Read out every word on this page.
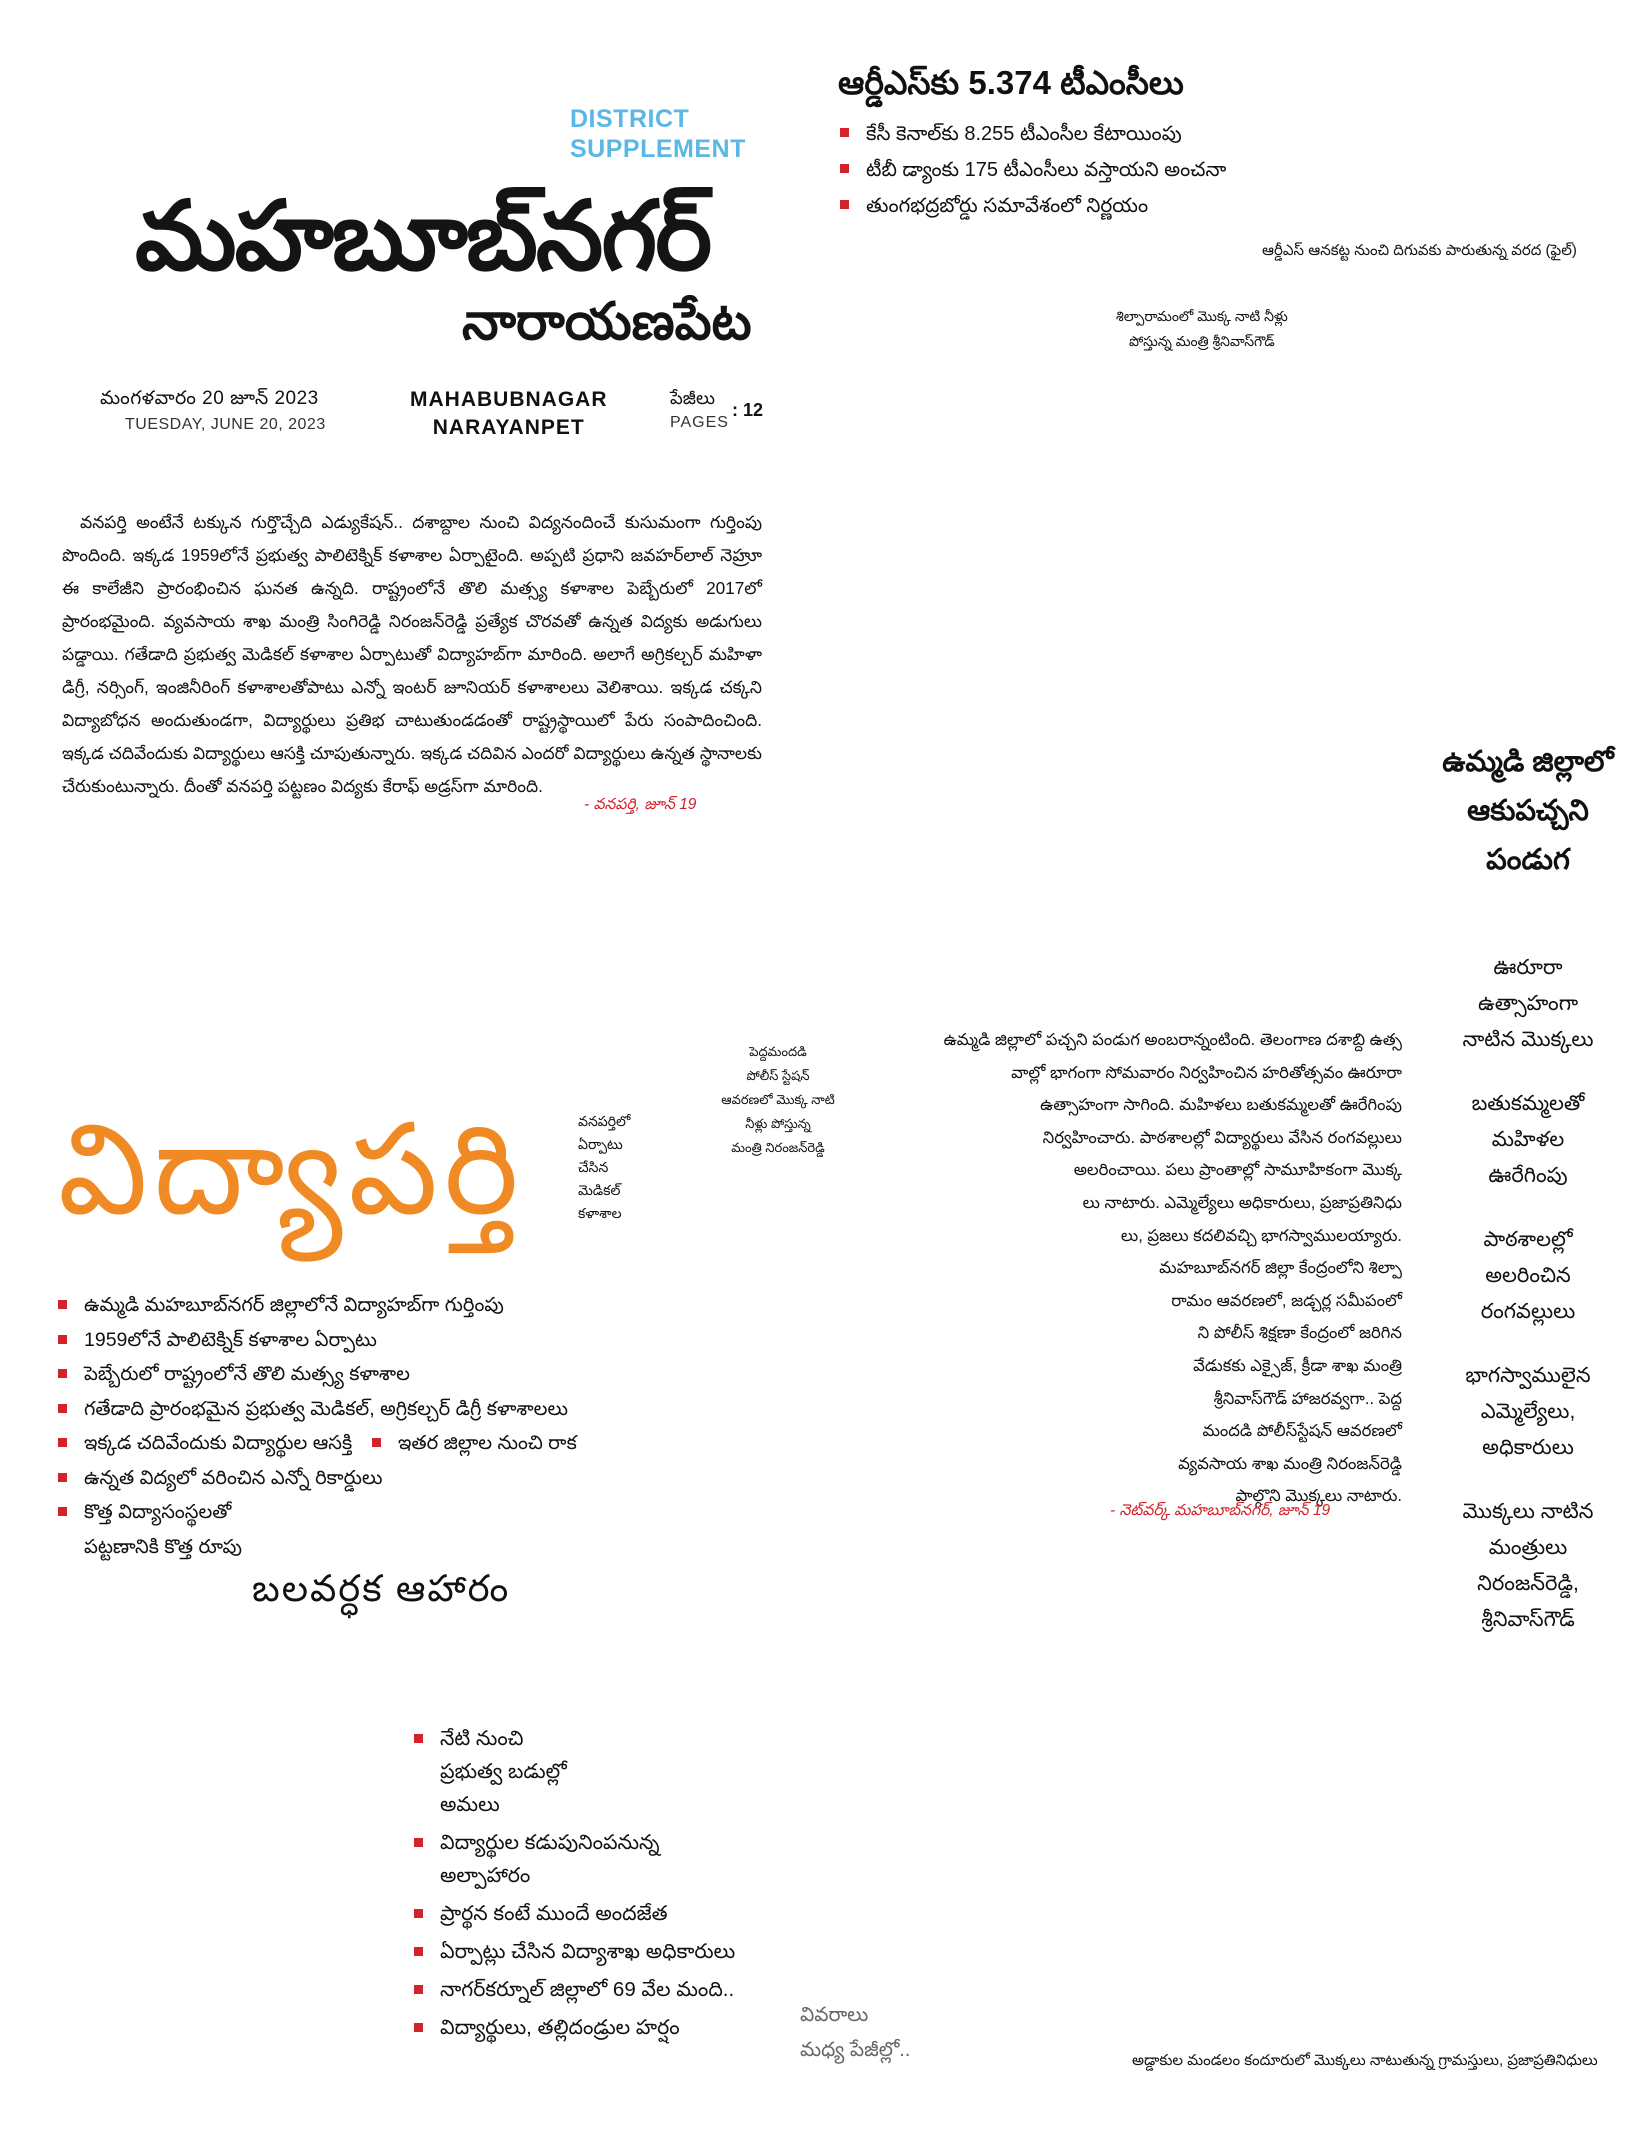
DISTRICT
SUPPLEMENT
మహబూబ్‌నగర్
నారాయణపేట
మంగళవారం 20 జూన్ 2023
TUESDAY, JUNE 20, 2023
MAHABUBNAGAR
NARAYANPET
పేజీలు
PAGES
: 12
ఆర్డీఎస్‌కు 5.374 టీఎంసీలు
కేసీ కెనాల్‌కు 8.255 టీఎంసీల కేటాయింపు
టీబీ డ్యాంకు 175 టీఎంసీలు వస్తాయని అంచనా
తుంగభద్రబోర్డు సమావేశంలో నిర్ణయం
ఆర్డీఎస్ ఆనకట్ట నుంచి దిగువకు పారుతున్న వరద (ఫైల్)
శిల్పారామంలో మొక్క నాటి నీళ్లు
పోస్తున్న మంత్రి శ్రీనివాస్‌గౌడ్
వనపర్తి అంటేనే టక్కున గుర్తొచ్చేది ఎడ్యుకేషన్.. దశాబ్దాల నుంచి విద్యనందించే కుసుమంగా గుర్తింపు పొందింది. ఇక్కడ 1959లోనే ప్రభుత్వ పాలిటెక్నిక్ కళాశాల ఏర్పాటైంది. అప్పటి ప్రధాని జవహర్‌లాల్ నెహ్రూ ఈ కాలేజీని ప్రారంభించిన ఘనత ఉన్నది. రాష్ట్రంలోనే తొలి మత్స్య కళాశాల పెబ్బేరులో 2017లో ప్రారంభమైంది. వ్యవసాయ శాఖ మంత్రి సింగిరెడ్డి నిరంజన్‌రెడ్డి ప్రత్యేక చొరవతో ఉన్నత విద్యకు అడుగులు పడ్డాయి. గతేడాది ప్రభుత్వ మెడికల్ కళాశాల ఏర్పాటుతో విద్యాహబ్‌గా మారింది. అలాగే అగ్రికల్చర్ మహిళా డిగ్రీ, నర్సింగ్, ఇంజినీరింగ్ కళాశాలతోపాటు ఎన్నో ఇంటర్ జూనియర్ కళాశాలలు వెలిశాయి. ఇక్కడ చక్కని విద్యాబోధన అందుతుండగా, విద్యార్థులు ప్రతిభ చాటుతుండడంతో రాష్ట్రస్థాయిలో పేరు సంపాదించింది. ఇక్కడ చదివేందుకు విద్యార్థులు ఆసక్తి చూపుతున్నారు. ఇక్కడ చదివిన ఎందరో విద్యార్థులు ఉన్నత స్థానాలకు చేరుకుంటున్నారు. దీంతో వనపర్తి పట్టణం విద్యకు కేరాఫ్ అడ్రస్‌గా మారింది.
- వనపర్తి, జూన్ 19
విద్యాపర్తి	వనపర్తిలో
ఏర్పాటు
చేసిన
మెడికల్
కళాశాల
ఉమ్మడి మహబూబ్‌నగర్ జిల్లాలోనే విద్యాహబ్‌గా గుర్తింపు
1959లోనే పాలిటెక్నిక్ కళాశాల ఏర్పాటు
పెబ్బేరులో రాష్ట్రంలోనే తొలి మత్స్య కళాశాల
గతేడాది ప్రారంభమైన ప్రభుత్వ మెడికల్, అగ్రికల్చర్ డిగ్రీ కళాశాలలు
ఇక్కడ చదివేందుకు విద్యార్థుల ఆసక్తి
ఉన్నత విద్యలో వరించిన ఎన్నో రికార్డులు
కొత్త విద్యాసంస్థలతో పట్టణానికి కొత్త రూపు
ఇతర జిల్లాల నుంచి రాక
ఉమ్మడి జిల్లాలో ఆకుపచ్చని పండుగ
ఊరూరా ఉత్సాహంగా నాటిన మొక్కలు
బతుకమ్మలతో మహిళల ఊరేగింపు
పాఠశాలల్లో అలరించిన రంగవల్లులు
భాగస్వాములైన ఎమ్మెల్యేలు, అధికారులు
మొక్కలు నాటిన మంత్రులు నిరంజన్‌రెడ్డి, శ్రీనివాస్‌గౌడ్
పెద్దమందడి
పోలీస్ స్టేషన్
ఆవరణలో మొక్క నాటి
నీళ్లు పోస్తున్న
మంత్రి నిరంజన్‌రెడ్డి
ఉమ్మడి జిల్లాలో పచ్చని పండుగ అంబరాన్నంటింది. తెలంగాణ దశాబ్ది ఉత్స
వాల్లో భాగంగా సోమవారం నిర్వహించిన హరితోత్సవం ఊరూరా
ఉత్సాహంగా సాగింది. మహిళలు బతుకమ్మలతో ఊరేగింపు
నిర్వహించారు. పాఠశాలల్లో విద్యార్థులు వేసిన రంగవల్లులు
అలరించాయి. పలు ప్రాంతాల్లో సామూహికంగా మొక్క
లు నాటారు. ఎమ్మెల్యేలు అధికారులు, ప్రజాప్రతినిధు
లు, ప్రజలు కదలివచ్చి భాగస్వాములయ్యారు.
మహబూబ్‌నగర్ జిల్లా కేంద్రంలోని శిల్పా
రామం ఆవరణలో, జడ్చర్ల సమీపంలో
ని పోలీస్ శిక్షణా కేంద్రంలో జరిగిన
వేడుకకు ఎక్సైజ్, క్రీడా శాఖ మంత్రి
శ్రీనివాస్‌గౌడ్ హాజరవ్వగా.. పెద్ద
మందడి పోలీస్‌స్టేషన్ ఆవరణలో
వ్యవసాయ శాఖ మంత్రి నిరంజన్‌రెడ్డి
పాల్గొని మొక్కలు నాటారు.
- నెట్‌వర్క్ మహబూబ్‌నగర్, జూన్ 19
బలవర్ధక ఆహారం
నేటి నుంచి ప్రభుత్వ బడుల్లో అమలు
విద్యార్థుల కడుపునింపనున్న అల్పాహారం
ప్రార్థన కంటే ముందే అందజేత
ఏర్పాట్లు చేసిన విద్యాశాఖ అధికారులు
నాగర్‌కర్నూల్ జిల్లాలో 69 వేల మంది..
విద్యార్థులు, తల్లిదండ్రుల హర్షం
వివరాలు
మధ్య పేజీల్లో..	అడ్డాకుల మండలం కందూరులో మొక్కలు నాటుతున్న గ్రామస్తులు, ప్రజాప్రతినిధులు
